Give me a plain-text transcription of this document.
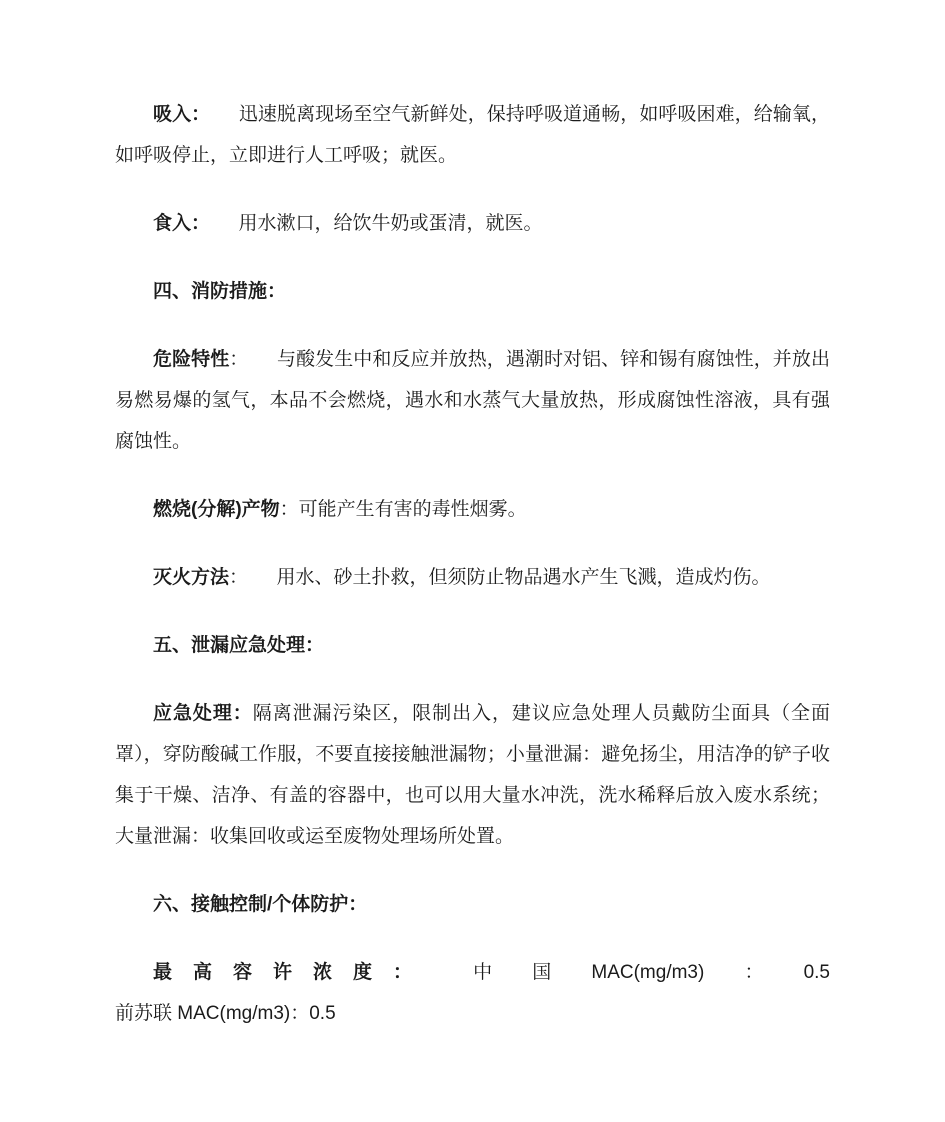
吸入：　　 迅速脱离现场至空气新鲜处，保持呼吸道通畅，如呼吸困难，给输氧，如呼吸停止，立即进行人工呼吸；就医。

食入：　　 用水漱口，给饮牛奶或蛋清，就医。

四、消防措施：

危险特性：　　 与酸发生中和反应并放热，遇潮时对铝、锌和锡有腐蚀性，并放出易燃易爆的氢气，本品不会燃烧，遇水和水蒸气大量放热，形成腐蚀性溶液，具有强腐蚀性。

燃烧(分解)产物：可能产生有害的毒性烟雾。

灭火方法：　　 用水、砂土扑救，但须防止物品遇水产生飞溅，造成灼伤。

五、泄漏应急处理：

应急处理：隔离泄漏污染区，限制出入，建议应急处理人员戴防尘面具（全面罩），穿防酸碱工作服，不要直接接触泄漏物；小量泄漏：避免扬尘，用洁净的铲子收集于干燥、洁净、有盖的容器中，也可以用大量水冲洗，洗水稀释后放入废水系统；大量泄漏：收集回收或运至废物处理场所处置。

六、接触控制/个体防护：

最高容许浓度： 中 国 MAC(mg/m3) ： 0.5

前苏联 MAC(mg/m3)：0.5
